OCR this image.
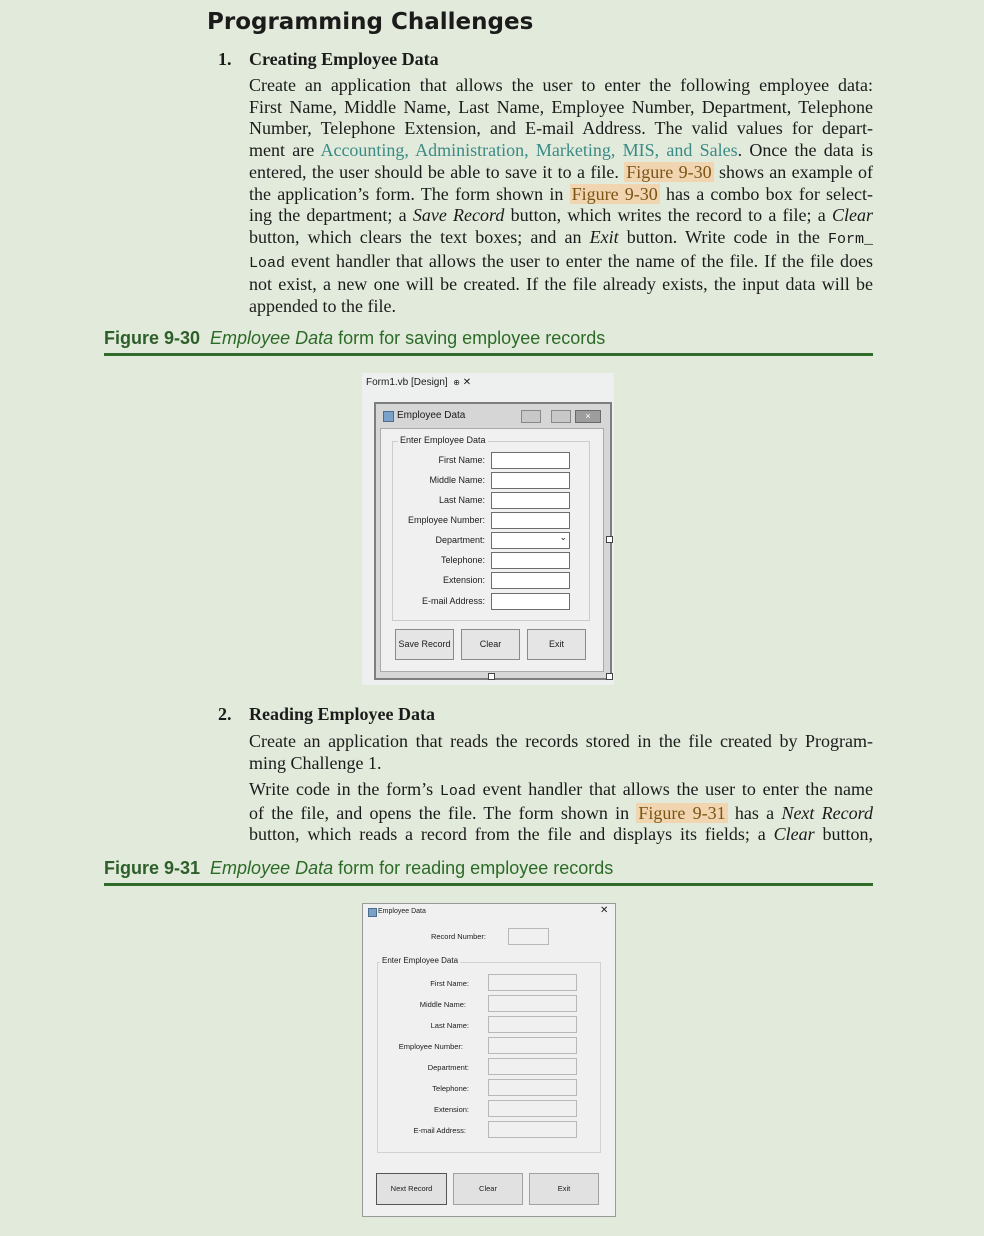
Programming Challenges
1. Creating Employee Data
Create an application that allows the user to enter the following employee data:
First Name, Middle Name, Last Name, Employee Number, Department, Telephone
Number, Telephone Extension, and E-mail Address. The valid values for depart-
ment are Accounting, Administration, Marketing, MIS, and Sales. Once the data is
entered, the user should be able to save it to a file. Figure 9-30 shows an example of
the application’s form. The form shown in Figure 9-30 has a combo box for select-
ing the department; a Save Record button, which writes the record to a file; a Clear
button, which clears the text boxes; and an Exit button. Write code in the Form_
Load event handler that allows the user to enter the name of the file. If the file does
not exist, a new one will be created. If the file already exists, the input data will be
appended to the file.
Figure 9-30 Employee Data form for saving employee records
Form1.vb [Design] ⊕ ✕
Employee Data	×
Enter Employee Data
First Name:
Middle Name:
Last Name:
Employee Number:
Department:	⌄
Telephone:
Extension:
E-mail Address:
Save Record	Clear	Exit
2. Reading Employee Data
Create an application that reads the records stored in the file created by Program-
ming Challenge 1.
Write code in the form’s Load event handler that allows the user to enter the name
of the file, and opens the file. The form shown in Figure 9-31 has a Next Record
button, which reads a record from the file and displays its fields; a Clear button,
Figure 9-31 Employee Data form for reading employee records
Employee Data	✕
Record Number:
Enter Employee Data
First Name:
Middle Name:
Last Name:
Employee Number:
Department:
Telephone:
Extension:
E-mail Address:
Next Record	Clear	Exit
